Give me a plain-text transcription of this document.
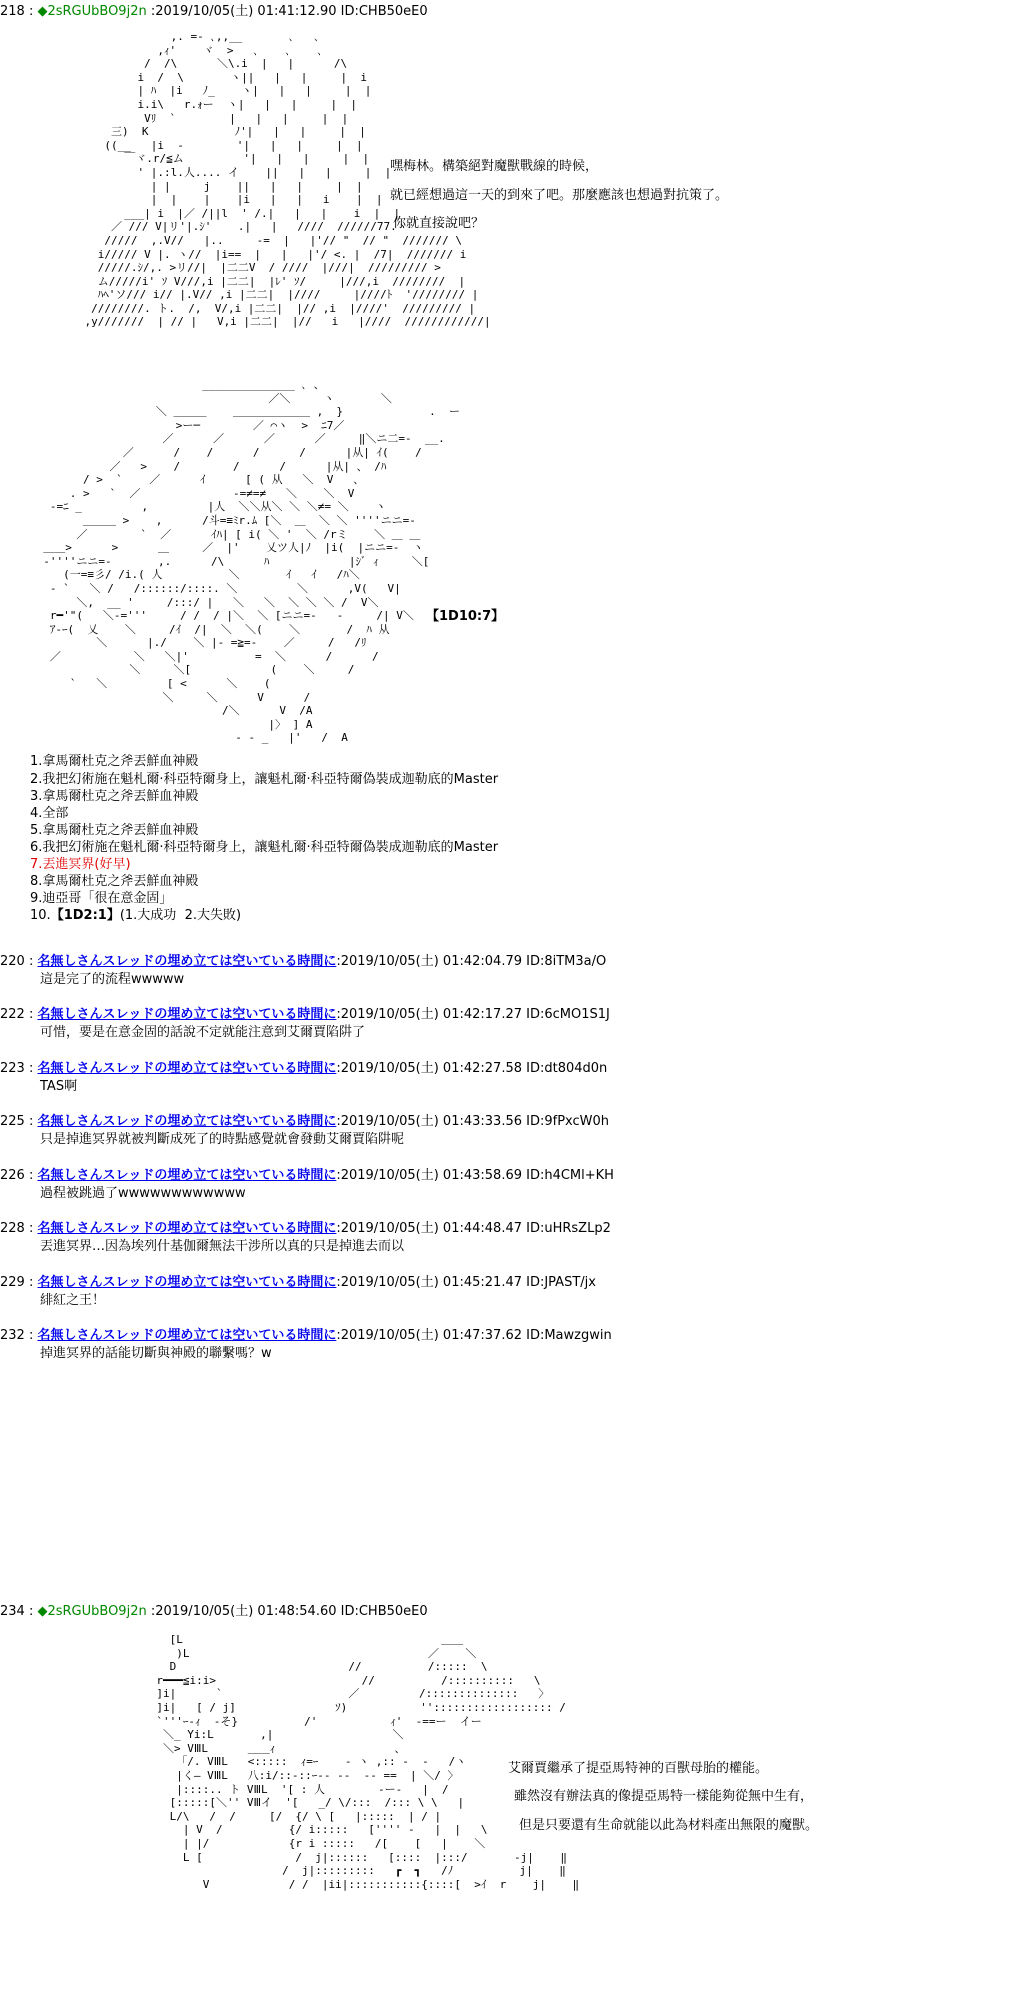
218 : ◆2sRGUbBO9j2n :2019/10/05(土) 01:41:12.90 ID:CHB50eE0
,. =- ､,,__       ､   ､
,ｨ'    ヾ  >   ､    ､    ､
/  /\      ＼\.i  |   |      /\
i  /  \       ヽ||   |   |     |  i
| ﾊ  |i   ﾉ_    ヽ|   |   |     |  |
i.i\   r.ｫー  ヽ|   |   |     |  |
Vﾘ  `        |   |   |     |  |
三)  K             ﾉ'|   |   |     |  |
((__   |i  ‐        '|   |   |     |  |
￣ヾ.r/≦ム         '|   |   |     |  |
' |.:l.人.... イ    ||   |   |     |  |
| |     j    ||   |   |     |  |
|  |    |    |i   |   |   i    |  |
___| i  |／ /||l  ' /.|   |   |    i  |  |
／ /// V|リ'|.ｼ'    .|   |   ////  //////77.ヽ
/////  ,.V//   |..     ‐=  |   |'// "  // "  /////// \
i///// V |. ヽ//  |i==  |   |   |'/ <. |  /7|  /////// i
/////.ｼ/,. >リ//|  |二二V  / ////  |///|  ///////// >
ム/////i' ｿ V///,i |二二|  |ﾚ' ｿ/     |///,i  ////////  |
ﾊﾍ'ソ/// i// |.V// ,i |二二|  |////     |////ﾄ  '//////// |
////////. ト.  /,  V/,i |二二|  |// ,i  |////'  ///////// |
,y///////  | // |   V,i |二二|  |//   i   |////  ////////////|
嘿梅林。構築絕對魔獸戰線的時候，
就已經想過這一天的到來了吧。那麼應該也想過對抗策了。
你就直接說吧？
______________ ､ 、
／＼     ヽ       ＼
＼ ＿＿＿    ＿＿＿＿＿＿＿ ,  }             .  ー
>ー─        ／ ⌒ヽ  >  ﾆ7／
／      ／      ／      ／     ‖＼ニ二=-  __.
／      /    /      /      /      |从| ｲ(    /
／   >    /        /      /      |从| 、 /ﾊ
/ >  `    ／      ｲ      [ ( 从   ＼  V   、
. >   `  ／              -=≠=≠   ＼    ＼  V
-=ﾆ _         ,         |人  ＼＼从＼ ＼ ＼≠= ＼    ヽ
＿＿＿ >    ,      /斗=≡ﾐr.ﾑ [＼  ＿  ＼ ＼ ''''ニニ=-
／        `  ／      ｲﾊ| [ i( ＼ '  ＼ /rミ    ＼ ＿ ＿
＿＿>      >      ＿     ／  |'    乂ツ人|ﾉ  |i(  |ニニ=-  ヽ
‐''''ニニ=-       ,.      /\      ﾊ            |ｼﾞ ｨ     ＼[
(一=≡彡/ /i.( 人          ＼       ｲ   ｲ   /ﾊ＼
‐ `   ＼ /   /::::::/::::. ＼         ＼      ,V(   V|
＼,  __ '     /:::/ |   ＼   ＼  ＼ ＼ ＼ /  V＼
r━'"(   ＼‐='''     / /  / |＼  ＼ [ニニ=-   -     /| V＼
ｱ-ｰ(  乂    ＼     /ｲ  /|  ＼  ＼(    ＼       /  ﾊ 从
＼      |./    ＼ |‐ =≧=-    ／     /   /ﾘ
／           ＼   ＼|'          =  ＼      /      /
＼     ＼[            (    ＼     /
`   ＼         [ <      ＼    (
＼     ＼      V      /
/＼      V  /A
|〉 ] A
- - _   |'   /  A
【1D10:7】
1.拿馬爾杜克之斧丟鮮血神殿
2.我把幻術施在魁札爾·科亞特爾身上，讓魁札爾·科亞特爾偽裝成迦勒底的Master
3.拿馬爾杜克之斧丟鮮血神殿
4.全部
5.拿馬爾杜克之斧丟鮮血神殿
6.我把幻術施在魁札爾·科亞特爾身上，讓魁札爾·科亞特爾偽裝成迦勒底的Master
7.丟進冥界(好早)
8.拿馬爾杜克之斧丟鮮血神殿
9.迪亞哥「很在意金固」
10.【1D2:1】(1.大成功  2.大失敗)
220 : 名無しさんスレッドの埋め立ては空いている時間に:2019/10/05(土) 01:42:04.79 ID:8iTM3a/O
這是完了的流程wwwww
222 : 名無しさんスレッドの埋め立ては空いている時間に:2019/10/05(土) 01:42:17.27 ID:6cMO1S1J
可惜，要是在意金固的話說不定就能注意到艾爾賈陷阱了
223 : 名無しさんスレッドの埋め立ては空いている時間に:2019/10/05(土) 01:42:27.58 ID:dt804d0n
TAS啊
225 : 名無しさんスレッドの埋め立ては空いている時間に:2019/10/05(土) 01:43:33.56 ID:9fPxcW0h
只是掉進冥界就被判斷成死了的時點感覺就會發動艾爾賈陷阱呢
226 : 名無しさんスレッドの埋め立ては空いている時間に:2019/10/05(土) 01:43:58.69 ID:h4CMl+KH
過程被跳過了wwwwwwwwwwww
228 : 名無しさんスレッドの埋め立ては空いている時間に:2019/10/05(土) 01:44:48.47 ID:uHRsZLp2
丟進冥界…因為埃列什基伽爾無法干涉所以真的只是掉進去而以
229 : 名無しさんスレッドの埋め立ては空いている時間に:2019/10/05(土) 01:45:21.47 ID:JPAST/jx
緋紅之王！
232 : 名無しさんスレッドの埋め立ては空いている時間に:2019/10/05(土) 01:47:37.62 ID:Mawzgwin
掉進冥界的話能切斷與神殿的聯繫嗎？w
234 : ◆2sRGUbBO9j2n :2019/10/05(土) 01:48:54.60 ID:CHB50eE0
[L                                       ＿＿
)L                                    ／    ＼
D                          //          /:::::  \
r━━━≦i:i>                      //          /::::::::::   \
]i|      `                   ／         /::::::::::::::   〉
]i|   [ / j]               ｿ)           '':::::::::::::::::: /
`'''ｰ-ｨ  -そ}          /'           ｨ'  ‐==ー  イー
＼_ Yi:L       ,|                  ＼
＼> VⅢL      ＿＿ｨ                  、
「/. VⅢL   <:::::  ｨ=ｰ    - ヽ ,:: ‐  ‐   /ヽ
|く— VⅢL   八:i/::-::ｰ-‐ -‐  ‐- ==  | ＼/ 〉
|::::.. ト VⅢL  '[ : 人        -ー-   |  /
[:::::[＼'' VⅢイ  '[   _/ \/:::  /::: \ \   |
L/\   /  /     [/  {/ \ [   |:::::  | / |
| V  /          {/ i:::::   ['''' ‐   |  |   \
| |/            {r i :::::   /[    [   |    ＼
L [              /  j|::::::   [::::  |:::/       -j|    ‖
/  j|:::::::::   ┏  ┓   /ﾉ          j|    ‖
V            / /  |ii|:::::::::::{::::[  >ｲ  r    j|    ‖
艾爾賈繼承了提亞馬特神的百獸母胎的權能。
雖然沒有辦法真的像提亞馬特一樣能夠從無中生有，
但是只要還有生命就能以此為材料產出無限的魔獸。
